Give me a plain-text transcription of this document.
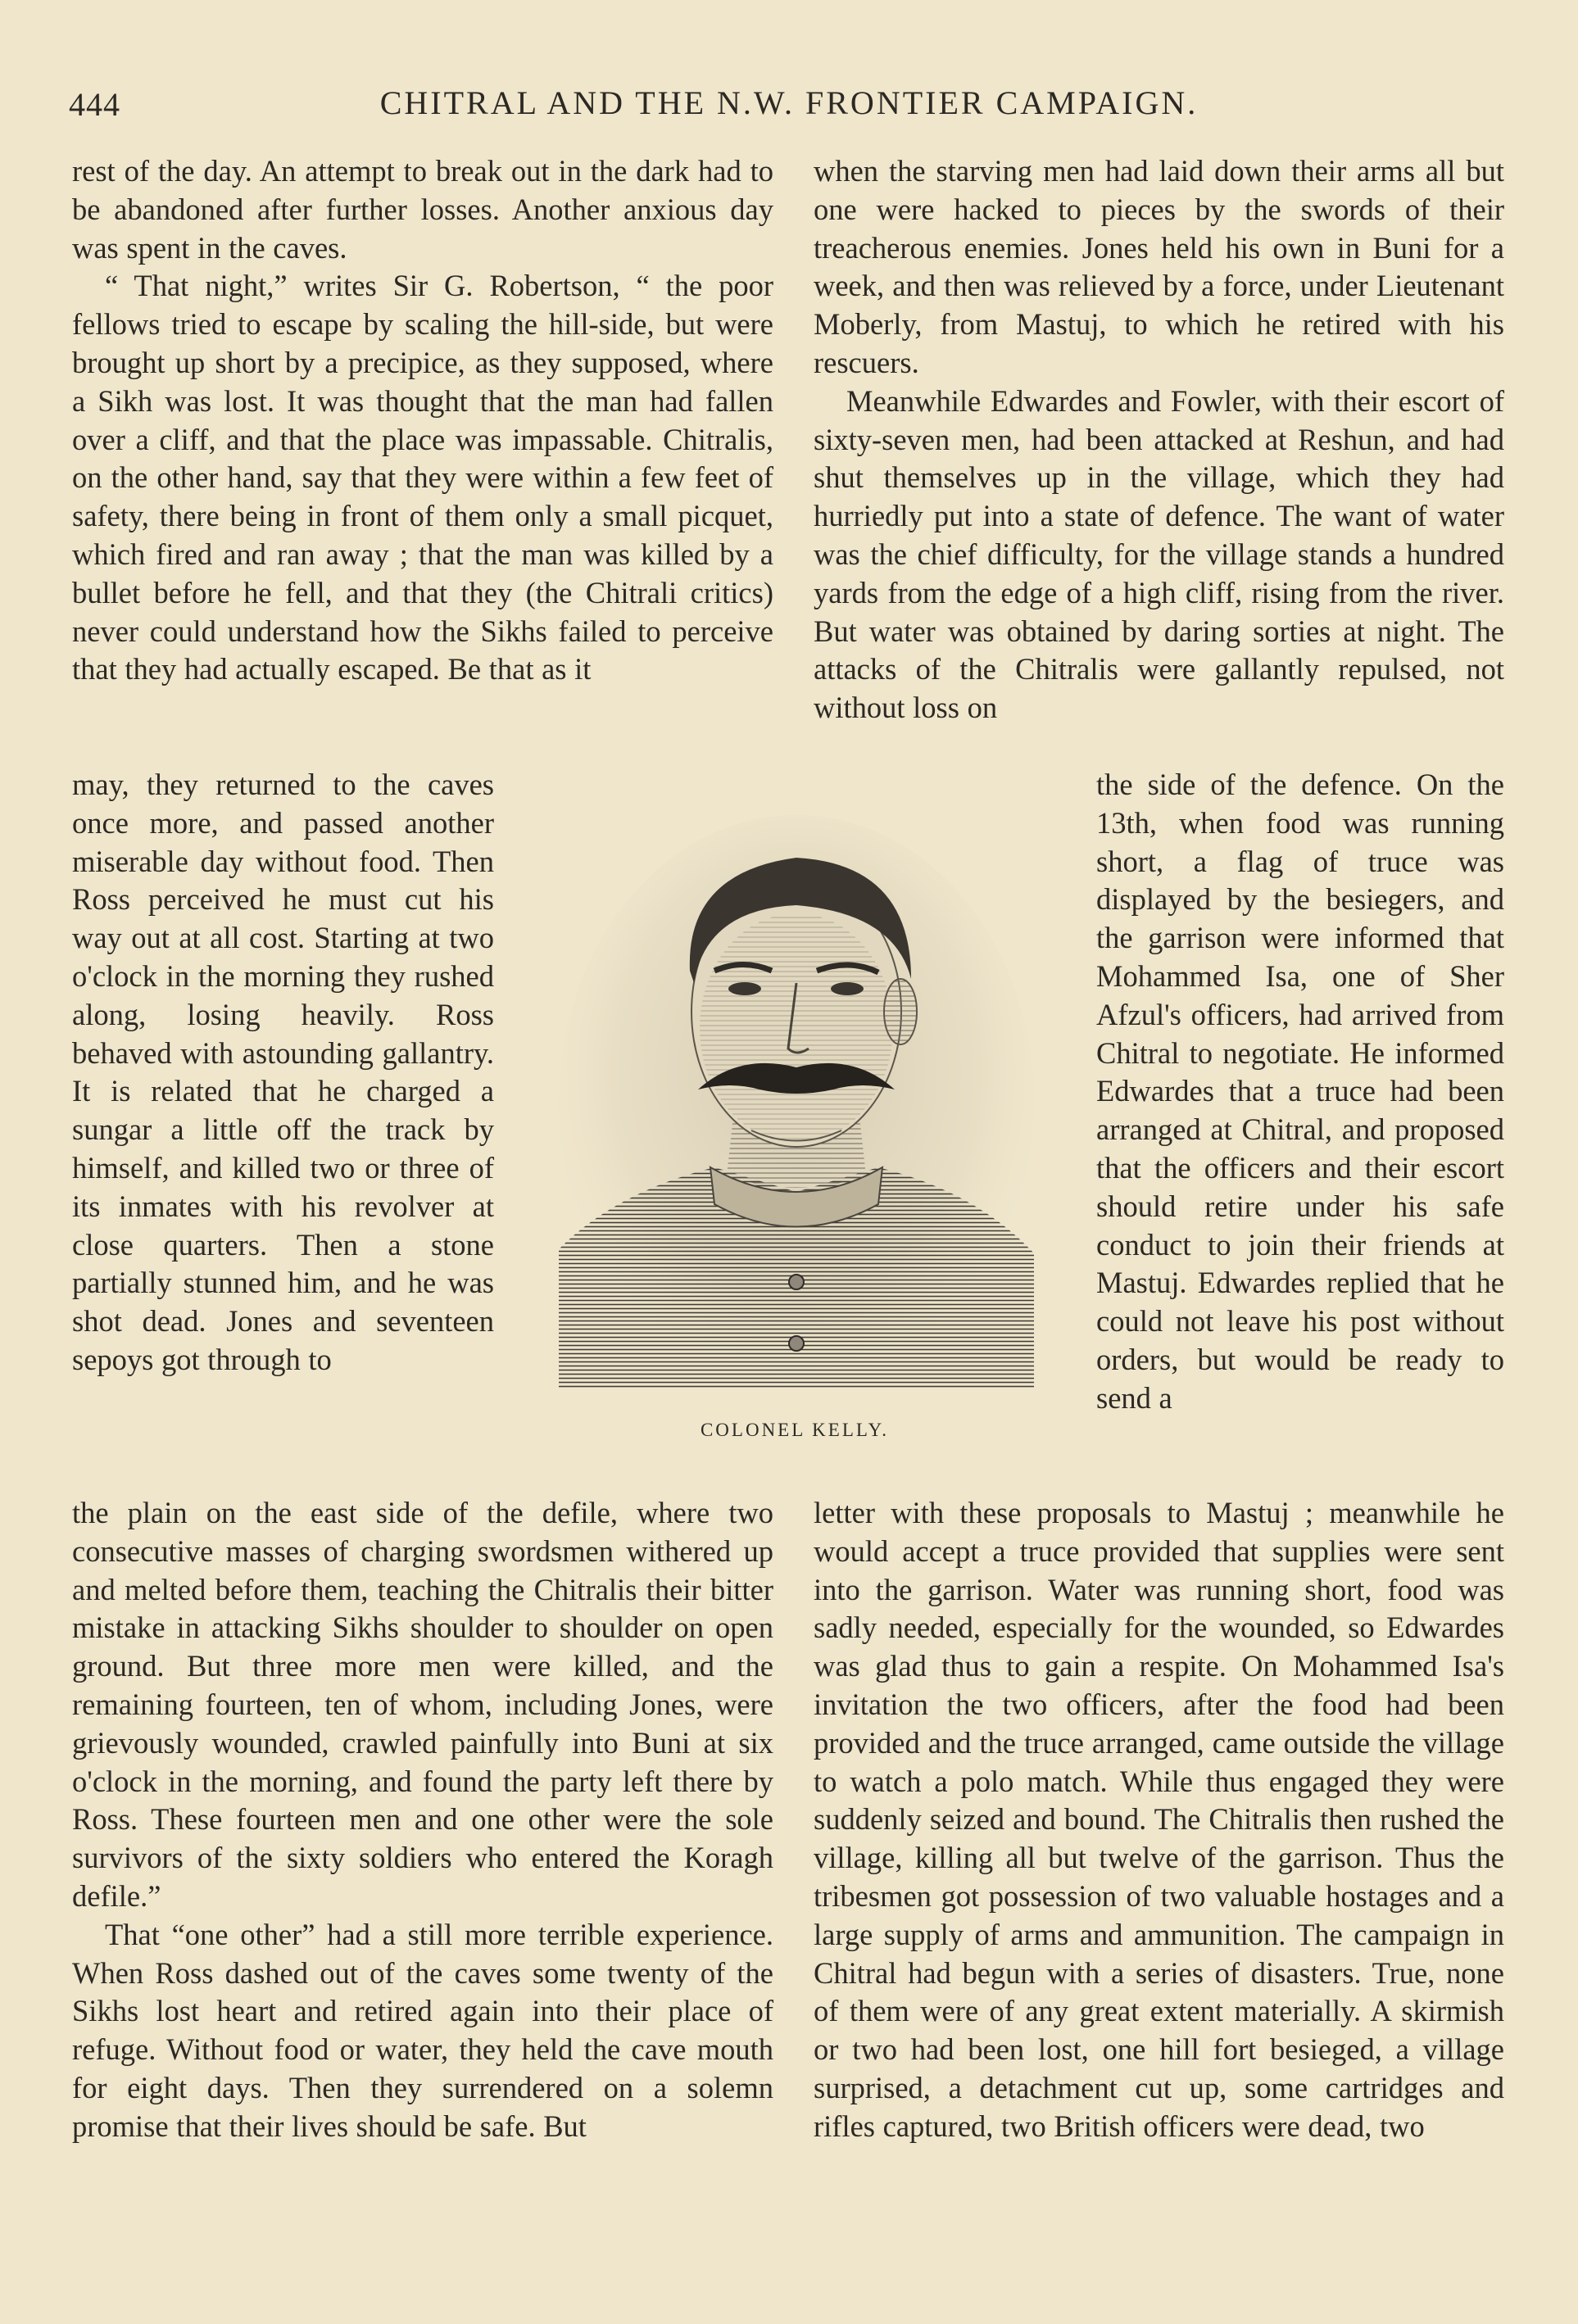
444	CHITRAL AND THE N.W. FRONTIER CAMPAIGN.

rest of the day. An attempt to break out in the dark had to be abandoned after further losses. Another anxious day was spent in the caves.

“ That night,” writes Sir G. Robertson, “ the poor fellows tried to escape by scaling the hill-side, but were brought up short by a precipice, as they supposed, where a Sikh was lost. It was thought that the man had fallen over a cliff, and that the place was impassable. Chitralis, on the other hand, say that they were within a few feet of safety, there being in front of them only a small picquet, which fired and ran away ; that the man was killed by a bullet before he fell, and that they (the Chitrali critics) never could understand how the Sikhs failed to perceive that they had actually escaped. Be that as it

may, they returned to the caves once more, and passed another miserable day without food. Then Ross perceived he must cut his way out at all cost. Starting at two o'clock in the morning they rushed along, losing heavily. Ross behaved with astounding gallantry. It is related that he charged a sungar a little off the track by himself, and killed two or three of its inmates with his revolver at close quarters. Then a stone partially stunned him, and he was shot dead. Jones and seventeen sepoys got through to

the plain on the east side of the defile, where two consecutive masses of charging swordsmen withered up and melted before them, teaching the Chitralis their bitter mistake in attacking Sikhs shoulder to shoulder on open ground. But three more men were killed, and the remaining fourteen, ten of whom, including Jones, were grievously wounded, crawled painfully into Buni at six o'clock in the morning, and found the party left there by Ross. These fourteen men and one other were the sole survivors of the sixty soldiers who entered the Koragh defile.”

That “one other” had a still more terrible experience. When Ross dashed out of the caves some twenty of the Sikhs lost heart and retired again into their place of refuge. Without food or water, they held the cave mouth for eight days. Then they surrendered on a solemn promise that their lives should be safe. But

when the starving men had laid down their arms all but one were hacked to pieces by the swords of their treacherous enemies. Jones held his own in Buni for a week, and then was relieved by a force, under Lieutenant Moberly, from Mastuj, to which he retired with his rescuers.

Meanwhile Edwardes and Fowler, with their escort of sixty-seven men, had been attacked at Reshun, and had shut themselves up in the village, which they had hurriedly put into a state of defence. The want of water was the chief difficulty, for the village stands a hundred yards from the edge of a high cliff, rising from the river. But water was obtained by daring sorties at night. The attacks of the Chitralis were gallantly repulsed, not without loss on

the side of the defence. On the 13th, when food was running short, a flag of truce was displayed by the besiegers, and the garrison were informed that Mohammed Isa, one of Sher Afzul's officers, had arrived from Chitral to negotiate. He informed Edwardes that a truce had been arranged at Chitral, and proposed that the officers and their escort should retire under his safe conduct to join their friends at Mastuj. Edwardes replied that he could not leave his post without orders, but would be ready to send a

letter with these proposals to Mastuj ; meanwhile he would accept a truce provided that supplies were sent into the garrison. Water was running short, food was sadly needed, especially for the wounded, so Edwardes was glad thus to gain a respite. On Mohammed Isa's invitation the two officers, after the food had been provided and the truce arranged, came outside the village to watch a polo match. While thus engaged they were suddenly seized and bound. The Chitralis then rushed the village, killing all but twelve of the garrison. Thus the tribesmen got possession of two valuable hostages and a large supply of arms and ammunition. The campaign in Chitral had begun with a series of disasters. True, none of them were of any great extent materially. A skirmish or two had been lost, one hill fort besieged, a village surprised, a detachment cut up, some cartridges and rifles captured, two British officers were dead, two

COLONEL KELLY.
